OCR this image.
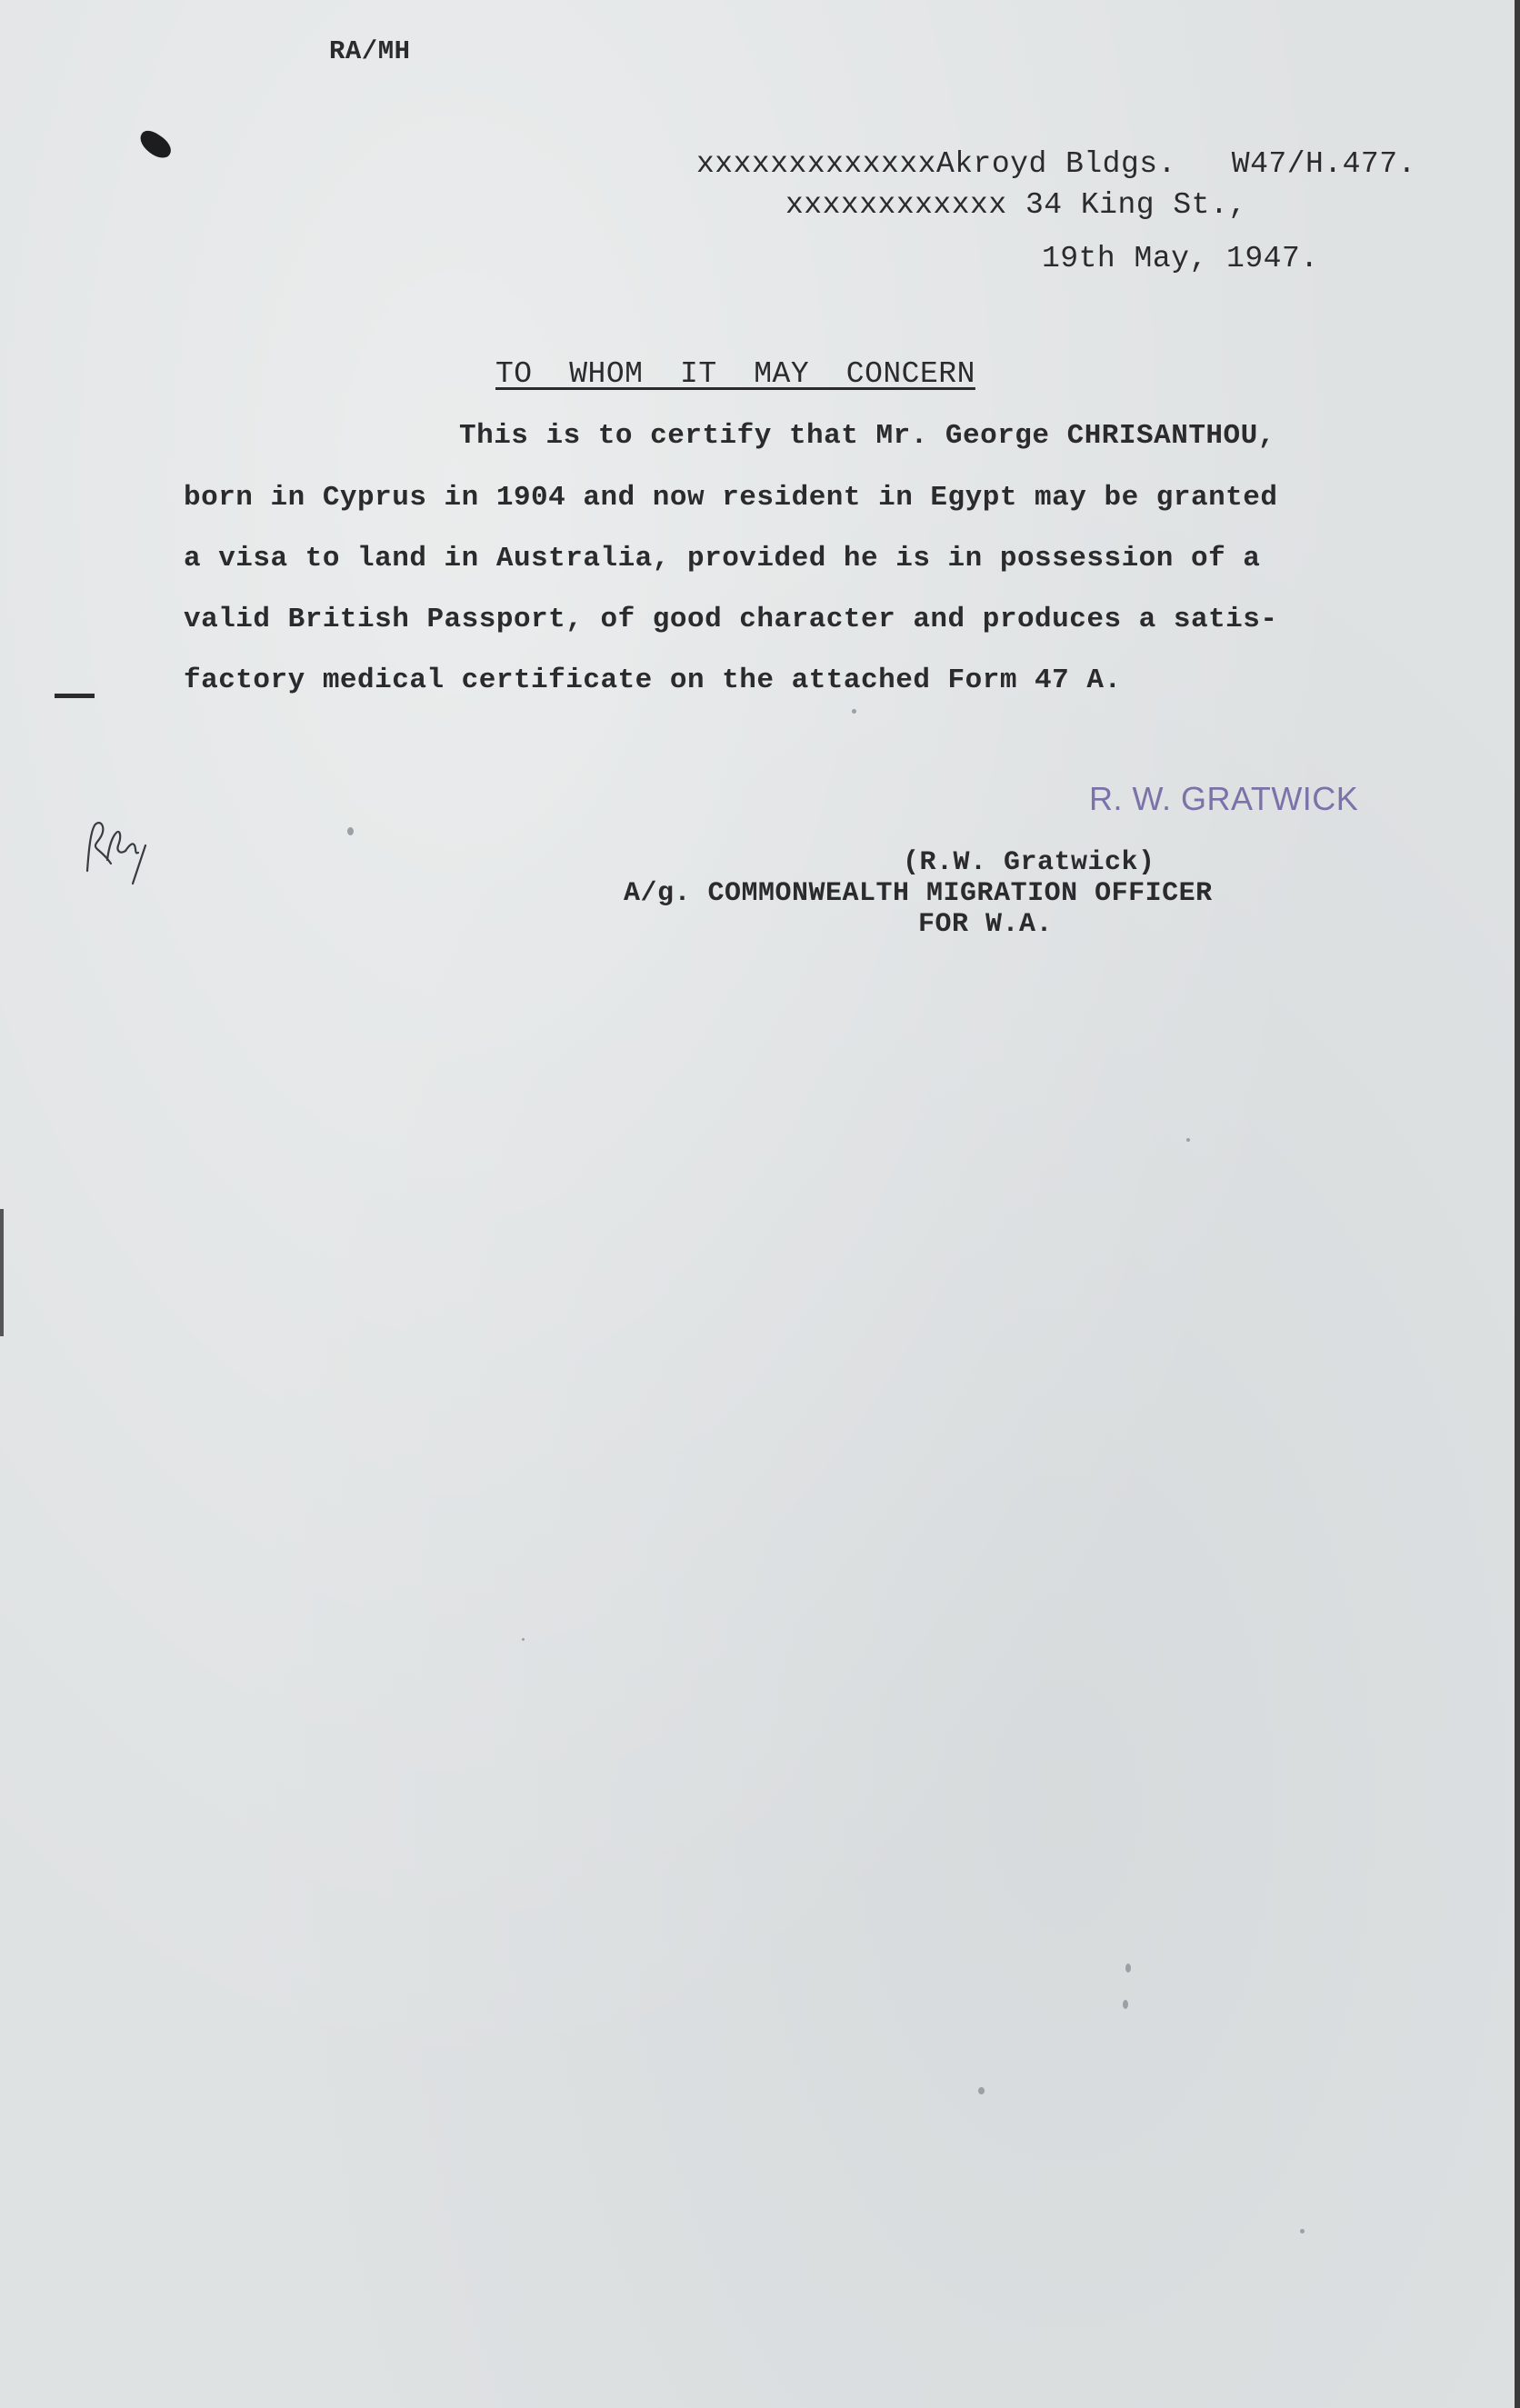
RA/MH
xxxxxxxxxxxxxAkroyd Bldgs.   W47/H.477.
xxxxxxxxxxxx 34 King St.,
19th May, 1947.
TO  WHOM  IT  MAY  CONCERN
This is to certify that Mr. George CHRISANTHOU,
born in Cyprus in 1904 and now resident in Egypt may be granted
a visa to land in Australia, provided he is in possession of a
valid British Passport, of good character and produces a satis-
factory medical certificate on the attached Form 47 A.
R. W. GRATWICK
(R.W. Gratwick)
A/g. COMMONWEALTH MIGRATION OFFICER
FOR W.A.
